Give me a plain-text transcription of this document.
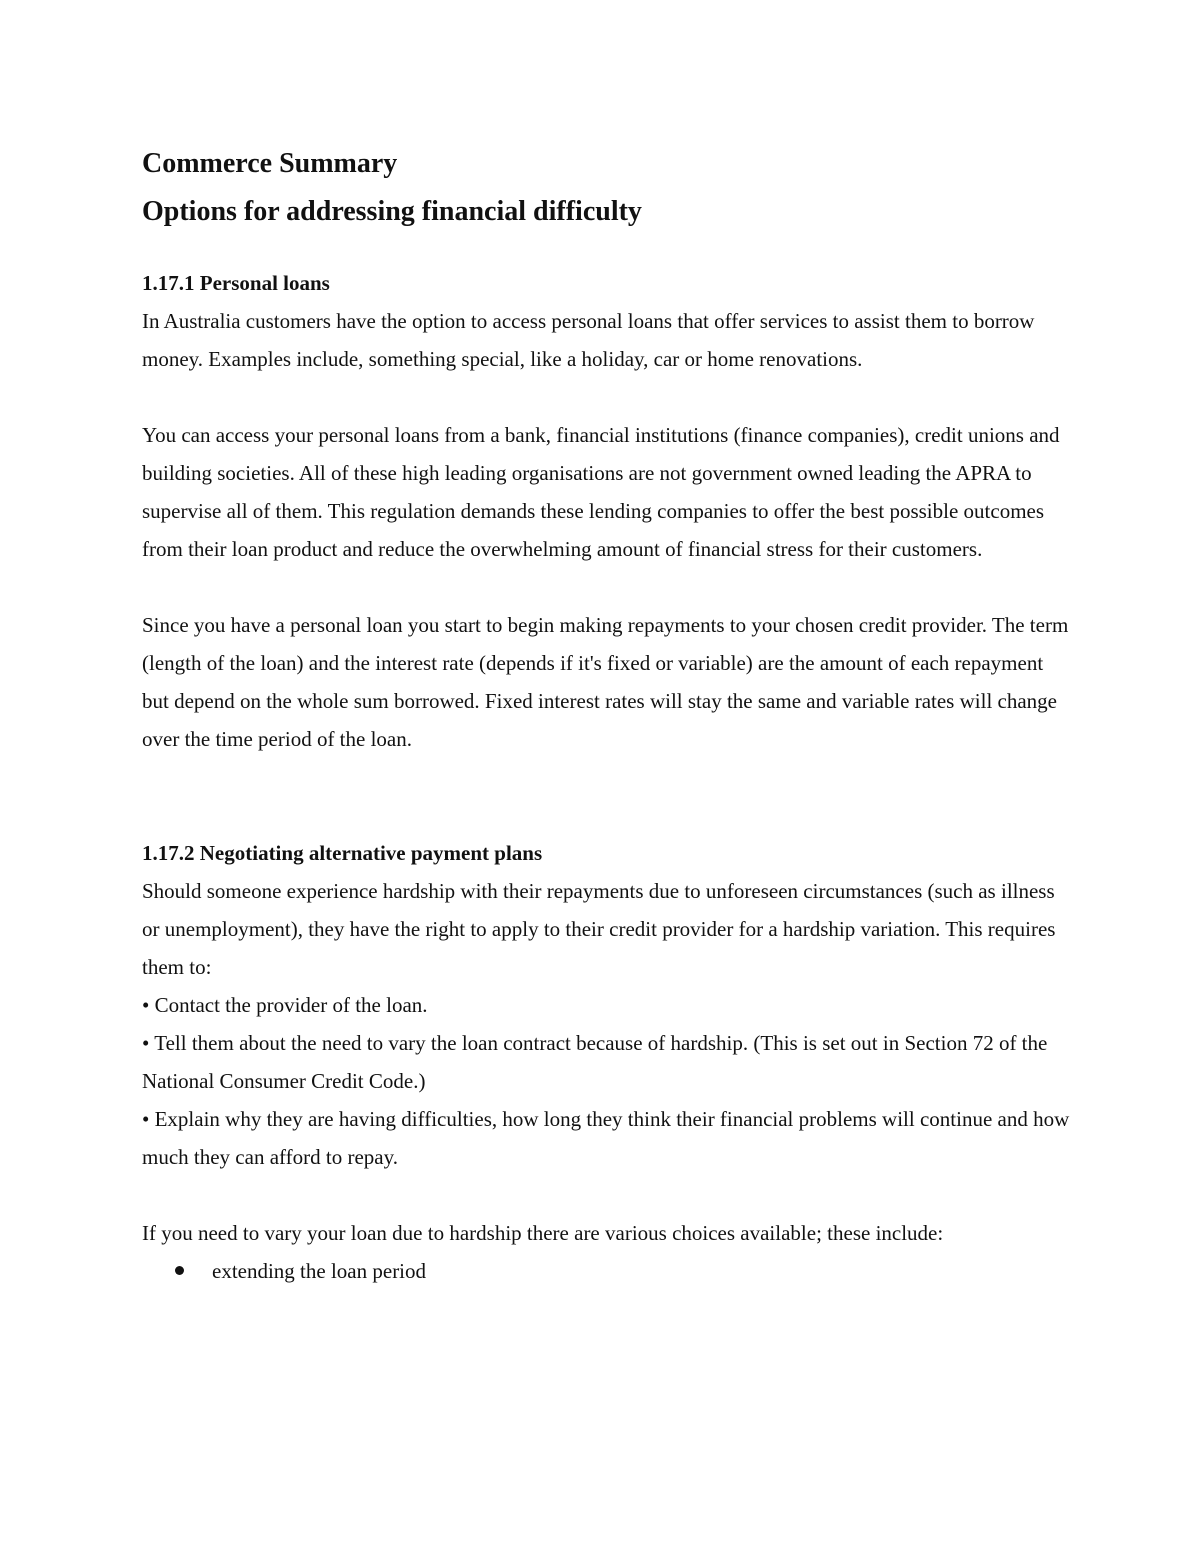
Commerce Summary
Options for addressing financial difficulty
1.17.1 Personal loans

In Australia customers have the option to access personal loans that offer services to assist them to borrow money. Examples include, something special, like a holiday, car or home renovations.

You can access your personal loans from a bank, financial institutions (finance companies), credit unions and building societies. All of these high leading organisations are not government owned leading the APRA to supervise all of them. This regulation demands these lending companies to offer the best possible outcomes from their loan product and reduce the overwhelming amount of financial stress for their customers.

Since you have a personal loan you start to begin making repayments to your chosen credit provider. The term (length of the loan) and the interest rate (depends if it's fixed or variable) are the amount of each repayment but depend on the whole sum borrowed. Fixed interest rates will stay the same and variable rates will change over the time period of the loan.

1.17.2 Negotiating alternative payment plans

Should someone experience hardship with their repayments due to unforeseen circumstances (such as illness or unemployment), they have the right to apply to their credit provider for a hardship variation. This requires them to:

• Contact the provider of the loan.

• Tell them about the need to vary the loan contract because of hardship. (This is set out in Section 72 of the National Consumer Credit Code.)

• Explain why they are having difficulties, how long they think their financial problems will continue and how much they can afford to repay.

If you need to vary your loan due to hardship there are various choices available; these include:

extending the loan period
